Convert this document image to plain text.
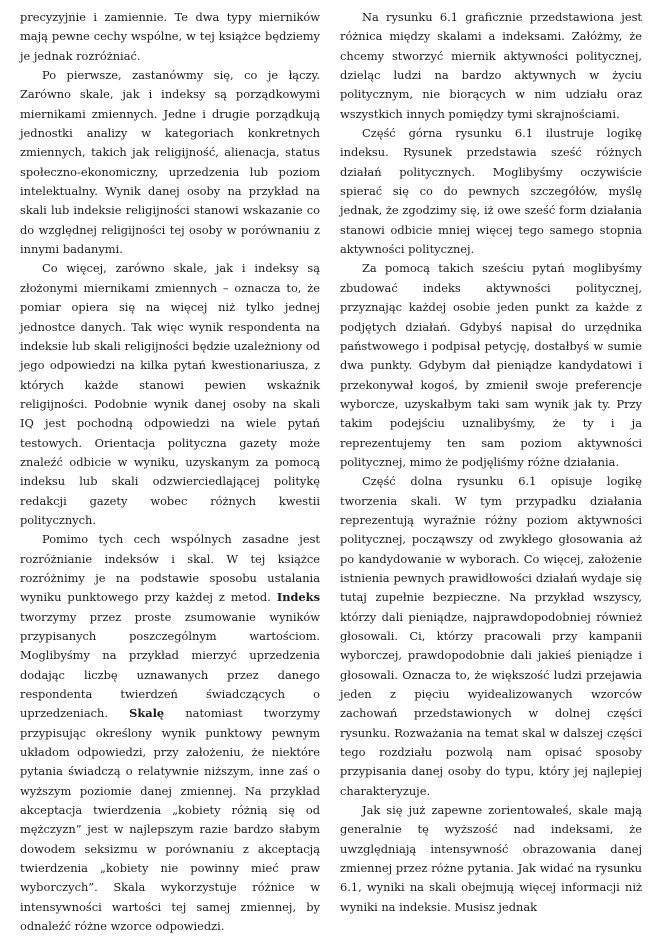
precyzyjnie i zamiennie. Te dwa typy mierników mają pewne cechy wspólne, w tej książce będziemy je jednak rozróżniać.

Po pierwsze, zastanówmy się, co je łączy. Zarówno skale, jak i indeksy są porządkowymi miernikami zmiennych. Jedne i drugie porządkują jednostki analizy w kategoriach konkretnych zmiennych, takich jak religijność, alienacja, status społeczno-ekonomiczny, uprzedzenia lub poziom intelektualny. Wynik danej osoby na przykład na skali lub indeksie religijności stanowi wskazanie co do względnej religijności tej osoby w porównaniu z innymi badanymi.

Co więcej, zarówno skale, jak i indeksy są złożonymi miernikami zmiennych – oznacza to, że pomiar opiera się na więcej niż tylko jednej jednostce danych. Tak więc wynik respondenta na indeksie lub skali religijności będzie uzależniony od jego odpowiedzi na kilka pytań kwestionariusza, z których każde stanowi pewien wskaźnik religijności. Podobnie wynik danej osoby na skali IQ jest pochodną odpowiedzi na wiele pytań testowych. Orientacja polityczna gazety może znaleźć odbicie w wyniku, uzyskanym za pomocą indeksu lub skali odzwierciedlającej politykę redakcji gazety wobec różnych kwestii politycznych.

Pomimo tych cech wspólnych zasadne jest rozróżnianie indeksów i skal. W tej książce rozróżnimy je na podstawie sposobu ustalania wyniku punktowego przy każdej z metod. Indeks tworzymy przez proste zsumowanie wyników przypisanych poszczególnym wartościom. Moglibyśmy na przykład mierzyć uprzedzenia dodając liczbę uznawanych przez danego respondenta twierdzeń świadczących o uprzedzeniach. Skalę natomiast tworzymy przypisując określony wynik punktowy pewnym układom odpowiedzi, przy założeniu, że niektóre pytania świadczą o relatywnie niższym, inne zaś o wyższym poziomie danej zmiennej. Na przykład akceptacja twierdzenia „kobiety różnią się od mężczyzn” jest w najlepszym razie bardzo słabym dowodem seksizmu w porównaniu z akceptacją twierdzenia „kobiety nie powinny mieć praw wyborczych”. Skala wykorzystuje różnice w intensywności wartości tej samej zmiennej, by odnaleźć różne wzorce odpowiedzi.

Na rysunku 6.1 graficznie przedstawiona jest różnica między skalami a indeksami. Załóżmy, że chcemy stworzyć miernik aktywności politycznej, dzieląc ludzi na bardzo aktywnych w życiu politycznym, nie biorących w nim udziału oraz wszystkich innych pomiędzy tymi skrajnościami.

Część górna rysunku 6.1 ilustruje logikę indeksu. Rysunek przedstawia sześć różnych działań politycznych. Moglibyśmy oczywiście spierać się co do pewnych szczegółów, myślę jednak, że zgodzimy się, iż owe sześć form działania stanowi odbicie mniej więcej tego samego stopnia aktywności politycznej.

Za pomocą takich sześciu pytań moglibyśmy zbudować indeks aktywności politycznej, przyznając każdej osobie jeden punkt za każde z podjętych działań. Gdybyś napisał do urzędnika państwowego i podpisał petycję, dostałbyś w sumie dwa punkty. Gdybym dał pieniądze kandydatowi i przekonywał kogoś, by zmienił swoje preferencje wyborcze, uzyskałbym taki sam wynik jak ty. Przy takim podejściu uznalibyśmy, że ty i ja reprezentujemy ten sam poziom aktywności politycznej, mimo że podjęliśmy różne działania.

Część dolna rysunku 6.1 opisuje logikę tworzenia skali. W tym przypadku działania reprezentują wyraźnie różny poziom aktywności politycznej, począwszy od zwykłego głosowania aż po kandydowanie w wyborach. Co więcej, założenie istnienia pewnych prawidłowości działań wydaje się tutaj zupełnie bezpieczne. Na przykład wszyscy, którzy dali pieniądze, najprawdopodobniej również głosowali. Ci, którzy pracowali przy kampanii wyborczej, prawdopodobnie dali jakieś pieniądze i głosowali. Oznacza to, że większość ludzi przejawia jeden z pięciu wyidealizowanych wzorców zachowań przedstawionych w dolnej części rysunku. Rozważania na temat skal w dalszej części tego rozdziału pozwolą nam opisać sposoby przypisania danej osoby do typu, który jej najlepiej charakteryzuje.

Jak się już zapewne zorientowałeś, skale mają generalnie tę wyższość nad indeksami, że uwzględniają intensywność obrazowania danej zmiennej przez różne pytania. Jak widać na rysunku 6.1, wyniki na skali obejmują więcej informacji niż wyniki na indeksie. Musisz jednak
